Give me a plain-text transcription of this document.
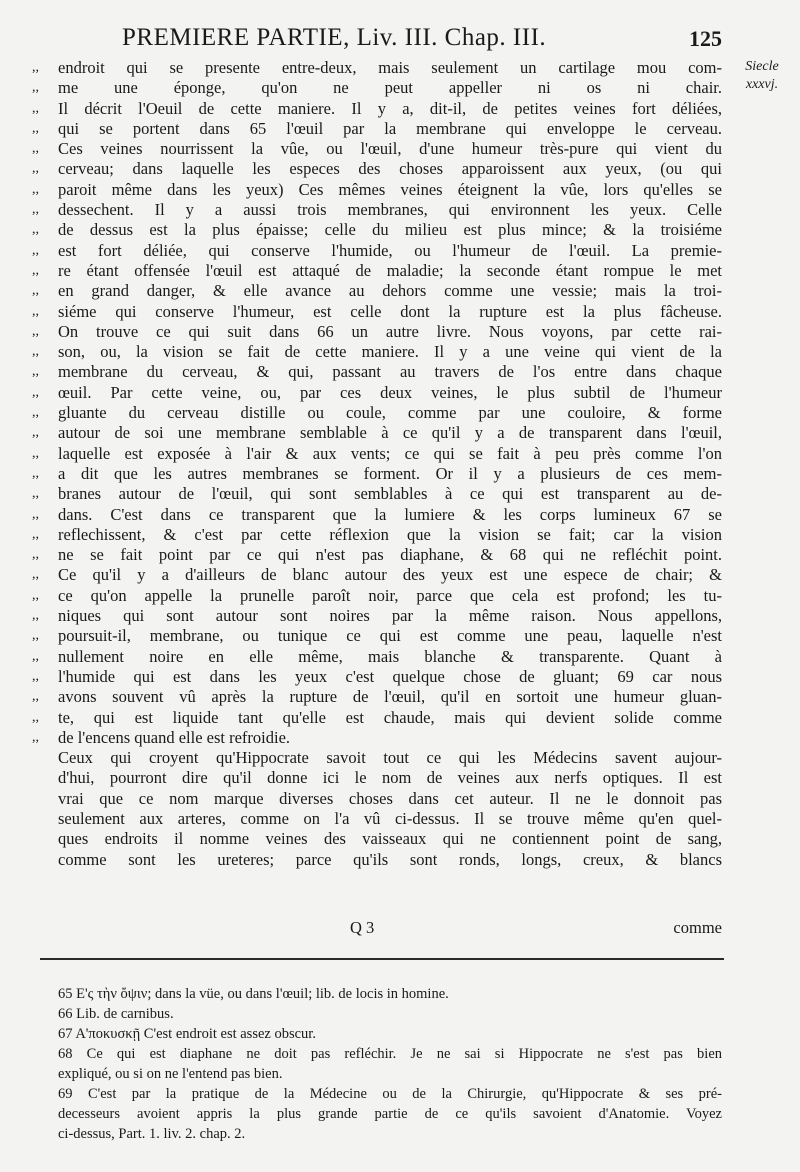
PREMIERE PARTIE, Liv. III. Chap. III.	125
Siecle
xxxvj.
,,	endroit qui se presente entre-deux, mais seulement un cartilage mou com-
,,	me une éponge, qu'on ne peut appeller ni os ni chair.
,,	Il décrit l'Oeuil de cette maniere. Il y a, dit-il, de petites veines fort déliées,
,,	qui se portent dans 65 l'œuil par la membrane qui enveloppe le cerveau.
,,	Ces veines nourrissent la vûe, ou l'œuil, d'une humeur très-pure qui vient du
,,	cerveau; dans laquelle les especes des choses apparoissent aux yeux, (ou qui
,,	paroit même dans les yeux) Ces mêmes veines éteignent la vûe, lors qu'elles se
,,	dessechent. Il y a aussi trois membranes, qui environnent les yeux. Celle
,,	de dessus est la plus épaisse; celle du milieu est plus mince; & la troisiéme
,,	est fort déliée, qui conserve l'humide, ou l'humeur de l'œuil. La premie-
,,	re étant offensée l'œuil est attaqué de maladie; la seconde étant rompue le met
,,	en grand danger, & elle avance au dehors comme une vessie; mais la troi-
,,	siéme qui conserve l'humeur, est celle dont la rupture est la plus fâcheuse.
,,	On trouve ce qui suit dans 66 un autre livre. Nous voyons, par cette rai-
,,	son, ou, la vision se fait de cette maniere. Il y a une veine qui vient de la
,,	membrane du cerveau, & qui, passant au travers de l'os entre dans chaque
,,	œuil. Par cette veine, ou, par ces deux veines, le plus subtil de l'humeur
,,	gluante du cerveau distille ou coule, comme par une couloire, & forme
,,	autour de soi une membrane semblable à ce qu'il y a de transparent dans l'œuil,
,,	laquelle est exposée à l'air & aux vents; ce qui se fait à peu près comme l'on
,,	a dit que les autres membranes se forment. Or il y a plusieurs de ces mem-
,,	branes autour de l'œuil, qui sont semblables à ce qui est transparent au de-
,,	dans. C'est dans ce transparent que la lumiere & les corps lumineux 67 se
,,	reflechissent, & c'est par cette réflexion que la vision se fait; car la vision
,,	ne se fait point par ce qui n'est pas diaphane, & 68 qui ne refléchit point.
,,	Ce qu'il y a d'ailleurs de blanc autour des yeux est une espece de chair; &
,,	ce qu'on appelle la prunelle paroît noir, parce que cela est profond; les tu-
,,	niques qui sont autour sont noires par la même raison. Nous appellons,
,,	poursuit-il, membrane, ou tunique ce qui est comme une peau, laquelle n'est
,,	nullement noire en elle même, mais blanche & transparente. Quant à
,,	l'humide qui est dans les yeux c'est quelque chose de gluant; 69 car nous
,,	avons souvent vû après la rupture de l'œuil, qu'il en sortoit une humeur gluan-
,,	te, qui est liquide tant qu'elle est chaude, mais qui devient solide comme
,,	de l'encens quand elle est refroidie.
Ceux qui croyent qu'Hippocrate savoit tout ce qui les Médecins savent aujour-
d'hui, pourront dire qu'il donne ici le nom de veines aux nerfs optiques. Il est
vrai que ce nom marque diverses choses dans cet auteur. Il ne le donnoit pas
seulement aux arteres, comme on l'a vû ci-dessus. Il se trouve même qu'en quel-
ques endroits il nomme veines des vaisseaux qui ne contiennent point de sang,
comme sont les ureteres; parce qu'ils sont ronds, longs, creux, & blancs
Q 3	comme
65 Ε'ς τὴν ὄψιν; dans la vüe, ou dans l'œuil; lib. de locis in homine.
66 Lib. de carnibus.
67 Α'ποκυσκῇ C'est endroit est assez obscur.
68 Ce qui est diaphane ne doit pas refléchir. Je ne sai si Hippocrate ne s'est pas bien
expliqué, ou si on ne l'entend pas bien.
69 C'est par la pratique de la Médecine ou de la Chirurgie, qu'Hippocrate & ses pré-
decesseurs avoient appris la plus grande partie de ce qu'ils savoient d'Anatomie. Voyez
ci-dessus, Part. 1. liv. 2. chap. 2.
